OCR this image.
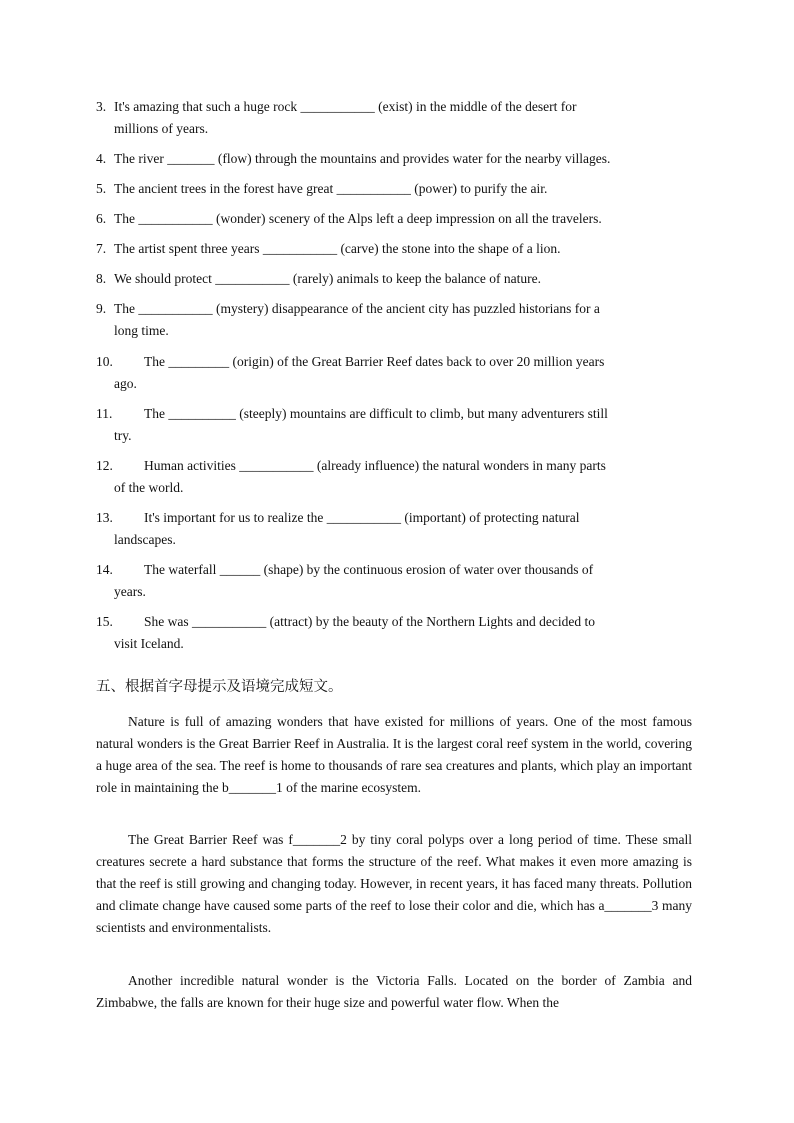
3. It's amazing that such a huge rock ___________ (exist) in the middle of the desert for
millions of years.
4. The river _______ (flow) through the mountains and provides water for the nearby villages.
5. The ancient trees in the forest have great ___________ (power) to purify the air.
6. The ___________ (wonder) scenery of the Alps left a deep impression on all the travelers.
7. The artist spent three years ___________ (carve) the stone into the shape of a lion.
8. We should protect ___________ (rarely) animals to keep the balance of nature.
9. The ___________ (mystery) disappearance of the ancient city has puzzled historians for a
long time.
10. The _________ (origin) of the Great Barrier Reef dates back to over 20 million years
ago.
11. The __________ (steeply) mountains are difficult to climb, but many adventurers still
try.
12. Human activities ___________ (already influence) the natural wonders in many parts
of the world.
13. It's important for us to realize the ___________ (important) of protecting natural
landscapes.
14. The waterfall ______ (shape) by the continuous erosion of water over thousands of
years.
15. She was ___________ (attract) by the beauty of the Northern Lights and decided to
visit Iceland.
五、根据首字母提示及语境完成短文。
Nature is full of amazing wonders that have existed for millions of years. One of the most famous natural wonders is the Great Barrier Reef in Australia. It is the largest coral reef system in the world, covering a huge area of the sea. The reef is home to thousands of rare sea creatures and plants, which play an important role in maintaining the b_______1 of the marine ecosystem.
The Great Barrier Reef was f_______2 by tiny coral polyps over a long period of time. These small creatures secrete a hard substance that forms the structure of the reef. What makes it even more amazing is that the reef is still growing and changing today. However, in recent years, it has faced many threats. Pollution and climate change have caused some parts of the reef to lose their color and die, which has a_______3 many scientists and environmentalists.
Another incredible natural wonder is the Victoria Falls. Located on the border of Zambia and Zimbabwe, the falls are known for their huge size and powerful water flow. When the
